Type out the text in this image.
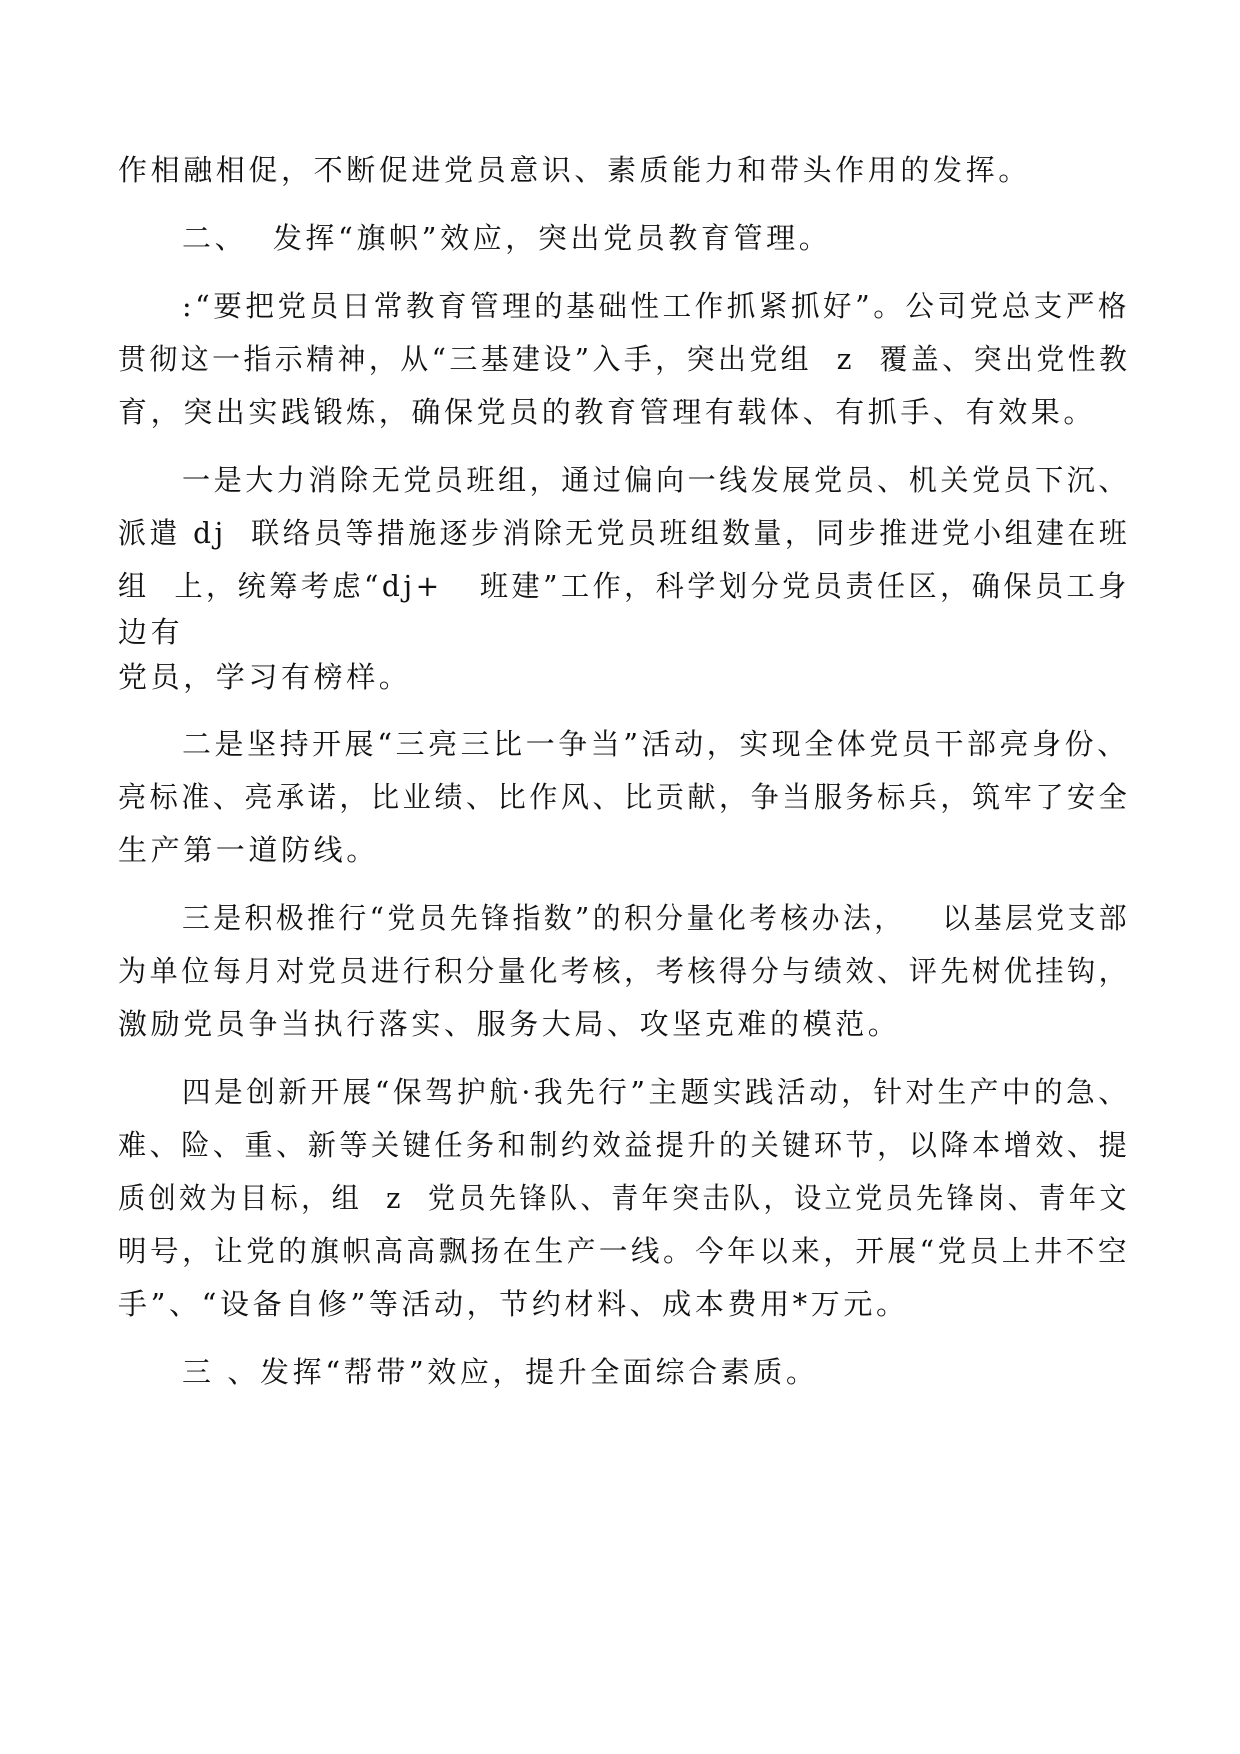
作相融相促，不断促进党员意识、素质能力和带头作用的发挥。
二、  发挥“旗帜”效应，突出党员教育管理。
:“要把党员日常教育管理的基础性工作抓紧抓好”。公司党总支严格
贯彻这一指示精神，从“三基建设”入手，突出党组  z  覆盖、突出党性教
育，突出实践锻炼，确保党员的教育管理有载体、有抓手、有效果。
一是大力消除无党员班组，通过偏向一线发展党员、机关党员下沉、
派遣 dj  联络员等措施逐步消除无党员班组数量，同步推进党小组建在班
组  上，统筹考虑“dj+   班建”工作，科学划分党员责任区，确保员工身
边有
党员，学习有榜样。
二是坚持开展“三亮三比一争当”活动，实现全体党员干部亮身份、
亮标准、亮承诺，比业绩、比作风、比贡献，争当服务标兵，筑牢了安全
生产第一道防线。
三是积极推行“党员先锋指数”的积分量化考核办法，   以基层党支部
为单位每月对党员进行积分量化考核，考核得分与绩效、评先树优挂钩，
激励党员争当执行落实、服务大局、攻坚克难的模范。
四是创新开展“保驾护航·我先行”主题实践活动，针对生产中的急、
难、险、重、新等关键任务和制约效益提升的关键环节，以降本增效、提
质创效为目标，组  z  党员先锋队、青年突击队，设立党员先锋岗、青年文
明号，让党的旗帜高高飘扬在生产一线。今年以来，开展“党员上井不空
手”、“设备自修”等活动，节约材料、成本费用*万元。
三 、发挥“帮带”效应，提升全面综合素质。
